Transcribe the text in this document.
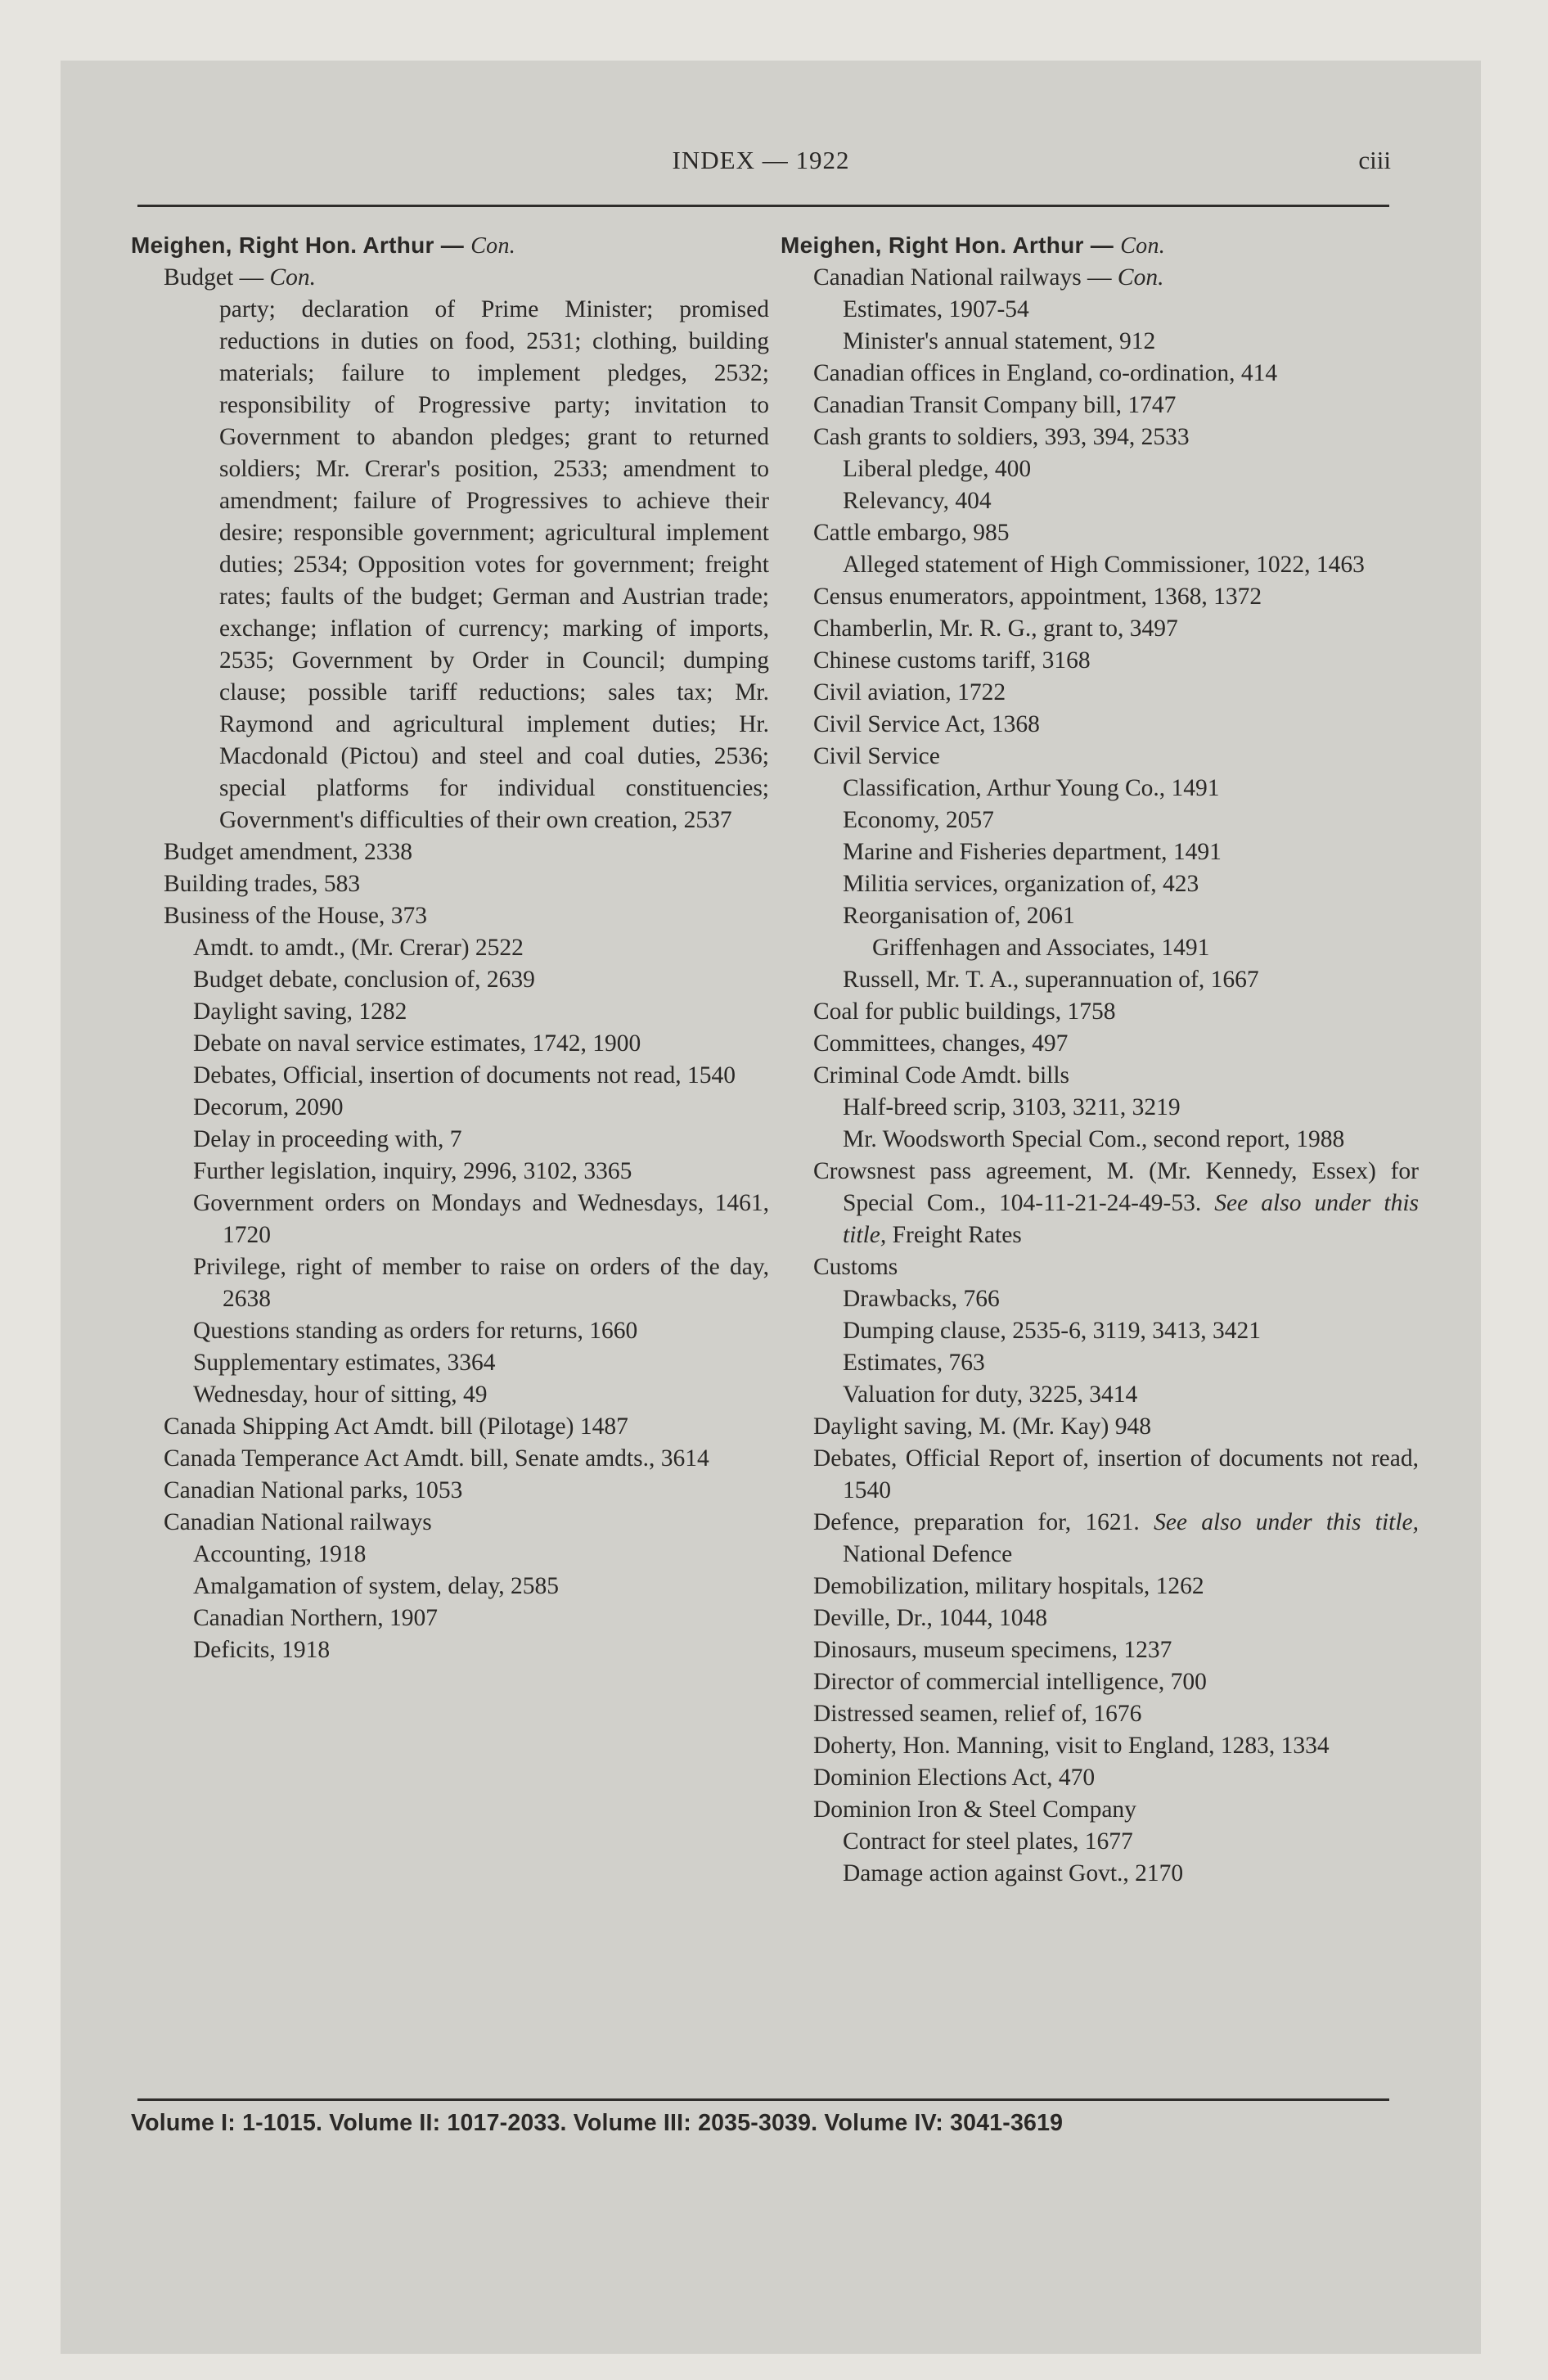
INDEX — 1922	ciii
Meighen, Right Hon. Arthur — Con.
Budget — Con.
party; declaration of Prime Minister; promised reductions in duties on food, 2531; clothing, building materials; failure to implement pledges, 2532; responsibility of Progressive party; invitation to Government to abandon pledges; grant to returned soldiers; Mr. Crerar's position, 2533; amendment to amendment; failure of Progressives to achieve their desire; responsible government; agricultural implement duties; 2534; Opposition votes for government; freight rates; faults of the budget; German and Austrian trade; exchange; inflation of currency; marking of imports, 2535; Government by Order in Council; dumping clause; possible tariff reductions; sales tax; Mr. Raymond and agricultural implement duties; Hr. Macdonald (Pictou) and steel and coal duties, 2536; special platforms for individual constituencies; Government's difficulties of their own creation, 2537
Budget amendment, 2338
Building trades, 583
Business of the House, 373
Amdt. to amdt., (Mr. Crerar) 2522
Budget debate, conclusion of, 2639
Daylight saving, 1282
Debate on naval service estimates, 1742, 1900
Debates, Official, insertion of documents not read, 1540
Decorum, 2090
Delay in proceeding with, 7
Further legislation, inquiry, 2996, 3102, 3365
Government orders on Mondays and Wednesdays, 1461, 1720
Privilege, right of member to raise on orders of the day, 2638
Questions standing as orders for returns, 1660
Supplementary estimates, 3364
Wednesday, hour of sitting, 49
Canada Shipping Act Amdt. bill (Pilotage) 1487
Canada Temperance Act Amdt. bill, Senate amdts., 3614
Canadian National parks, 1053
Canadian National railways
Accounting, 1918
Amalgamation of system, delay, 2585
Canadian Northern, 1907
Deficits, 1918
Meighen, Right Hon. Arthur — Con.
Canadian National railways — Con.
Estimates, 1907-54
Minister's annual statement, 912
Canadian offices in England, co-ordination, 414
Canadian Transit Company bill, 1747
Cash grants to soldiers, 393, 394, 2533
Liberal pledge, 400
Relevancy, 404
Cattle embargo, 985
Alleged statement of High Commissioner, 1022, 1463
Census enumerators, appointment, 1368, 1372
Chamberlin, Mr. R. G., grant to, 3497
Chinese customs tariff, 3168
Civil aviation, 1722
Civil Service Act, 1368
Civil Service
Classification, Arthur Young Co., 1491
Economy, 2057
Marine and Fisheries department, 1491
Militia services, organization of, 423
Reorganisation of, 2061
Griffenhagen and Associates, 1491
Russell, Mr. T. A., superannuation of, 1667
Coal for public buildings, 1758
Committees, changes, 497
Criminal Code Amdt. bills
Half-breed scrip, 3103, 3211, 3219
Mr. Woodsworth Special Com., second report, 1988
Crowsnest pass agreement, M. (Mr. Kennedy, Essex) for Special Com., 104-11-21-24-49-53. See also under this title, Freight Rates
Customs
Drawbacks, 766
Dumping clause, 2535-6, 3119, 3413, 3421
Estimates, 763
Valuation for duty, 3225, 3414
Daylight saving, M. (Mr. Kay) 948
Debates, Official Report of, insertion of documents not read, 1540
Defence, preparation for, 1621. See also under this title, National Defence
Demobilization, military hospitals, 1262
Deville, Dr., 1044, 1048
Dinosaurs, museum specimens, 1237
Director of commercial intelligence, 700
Distressed seamen, relief of, 1676
Doherty, Hon. Manning, visit to England, 1283, 1334
Dominion Elections Act, 470
Dominion Iron & Steel Company
Contract for steel plates, 1677
Damage action against Govt., 2170
Volume I: 1-1015. Volume II: 1017-2033. Volume III: 2035-3039. Volume IV: 3041-3619
